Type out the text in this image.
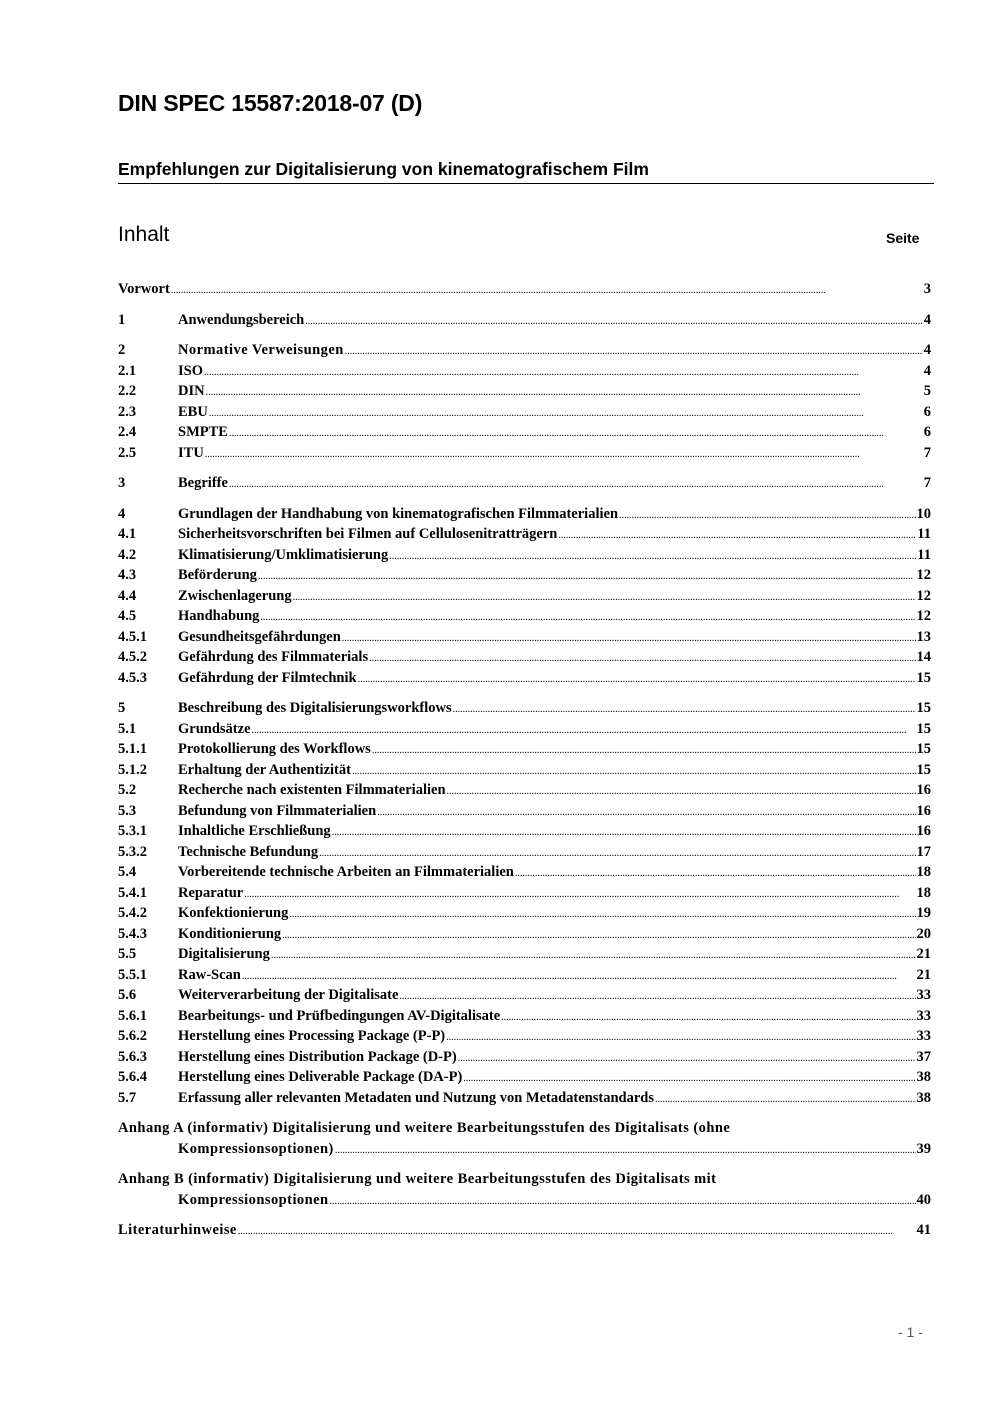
DIN SPEC 15587:2018-07 (D)
Empfehlungen zur Digitalisierung von kinematografischem Film
Inhalt	Seite
Vorwort .....	3
1	Anwendungsbereich .....	4
2	Normative Verweisungen .....	4
2.1	ISO .....	4
2.2	DIN .....	5
2.3	EBU .....	6
2.4	SMPTE .....	6
2.5	ITU .....	7
3	Begriffe .....	7
4	Grundlagen der Handhabung von kinematografischen Filmmaterialien .....	10
4.1	Sicherheitsvorschriften bei Filmen auf Cellulosenitratträgern .....	11
4.2	Klimatisierung/Umklimatisierung .....	11
4.3	Beförderung .....	12
4.4	Zwischenlagerung .....	12
4.5	Handhabung .....	12
4.5.1	Gesundheitsgefährdungen .....	13
4.5.2	Gefährdung des Filmmaterials .....	14
4.5.3	Gefährdung der Filmtechnik .....	15
5	Beschreibung des Digitalisierungsworkflows .....	15
5.1	Grundsätze .....	15
5.1.1	Protokollierung des Workflows .....	15
5.1.2	Erhaltung der Authentizität .....	15
5.2	Recherche nach existenten Filmmaterialien .....	16
5.3	Befundung von Filmmaterialien .....	16
5.3.1	Inhaltliche Erschließung .....	16
5.3.2	Technische Befundung .....	17
5.4	Vorbereitende technische Arbeiten an Filmmaterialien .....	18
5.4.1	Reparatur .....	18
5.4.2	Konfektionierung .....	19
5.4.3	Konditionierung .....	20
5.5	Digitalisierung .....	21
5.5.1	Raw-Scan .....	21
5.6	Weiterverarbeitung der Digitalisate .....	33
5.6.1	Bearbeitungs- und Prüfbedingungen AV-Digitalisate .....	33
5.6.2	Herstellung eines Processing Package (P-P) .....	33
5.6.3	Herstellung eines Distribution Package (D-P) .....	37
5.6.4	Herstellung eines Deliverable Package (DA-P) .....	38
5.7	Erfassung aller relevanten Metadaten und Nutzung von Metadatenstandards .....	38
Anhang A (informativ) Digitalisierung und weitere Bearbeitungsstufen des Digitalisats (ohne
Kompressionsoptionen) .....	39
Anhang B (informativ) Digitalisierung und weitere Bearbeitungsstufen des Digitalisats mit
Kompressionsoptionen .....	40
Literaturhinweise .....	41
- 1 -
